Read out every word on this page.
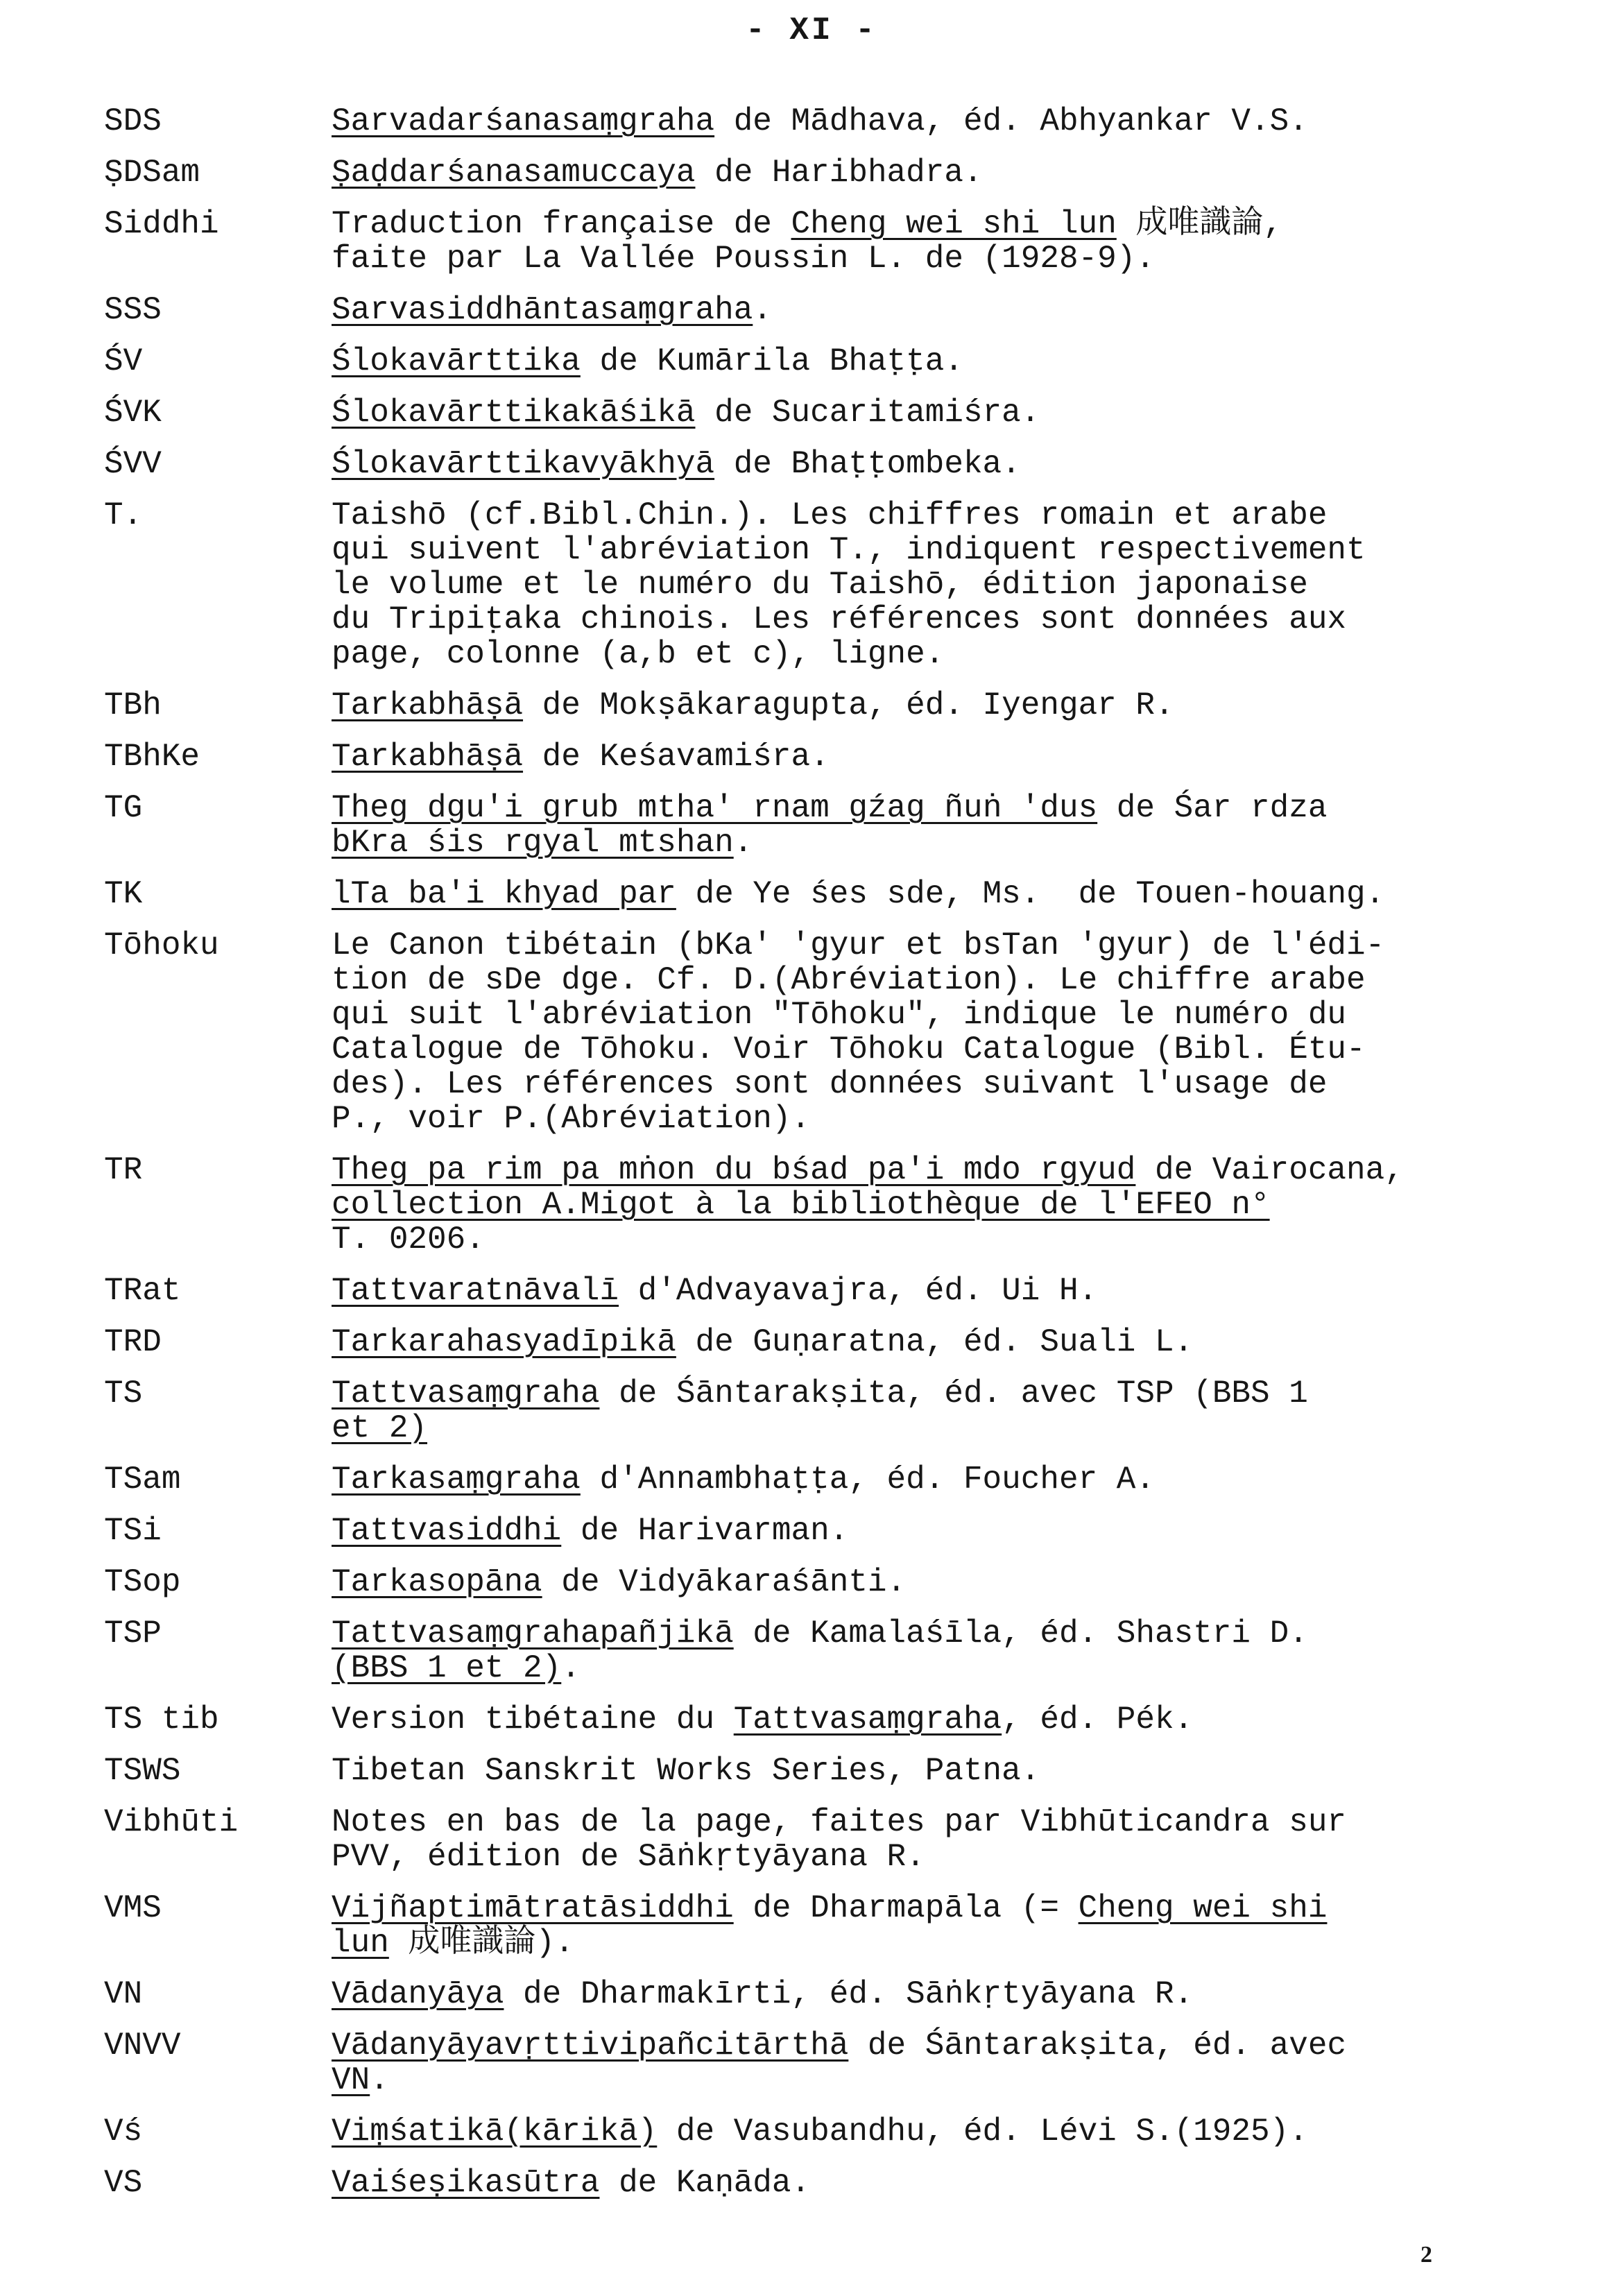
- XI -
SDS	Sarvadarśanasaṃgraha de Mādhava, éd. Abhyankar V.S.
ṢDSam	Ṣaḍdarśanasamuccaya de Haribhadra.
Siddhi	Traduction française de Cheng wei shi lun 成唯識論,
faite par La Vallée Poussin L. de (1928-9).
SSS	Sarvasiddhāntasaṃgraha.
ŚV	Ślokavārttika de Kumārila Bhaṭṭa.
ŚVK	Ślokavārttikakāśikā de Sucaritamiśra.
ŚVV	Ślokavārttikavyākhyā de Bhaṭṭombeka.
T.	Taishō (cf.Bibl.Chin.). Les chiffres romain et arabe
qui suivent l'abréviation T., indiquent respectivement
le volume et le numéro du Taishō, édition japonaise
du Tripiṭaka chinois. Les références sont données aux
page, colonne (a,b et c), ligne.
TBh	Tarkabhāṣā de Mokṣākaragupta, éd. Iyengar R.
TBhKe	Tarkabhāṣā de Keśavamiśra.
TG	Theg dgu'i grub mtha' rnam gźag ñuṅ 'dus de Śar rdza
bKra śis rgyal mtshan.
TK	lTa ba'i khyad par de Ye śes sde, Ms.  de Touen-houang.
Tōhoku	Le Canon tibétain (bKa' 'gyur et bsTan 'gyur) de l'édi-
tion de sDe dge. Cf. D.(Abréviation). Le chiffre arabe
qui suit l'abréviation "Tōhoku", indique le numéro du
Catalogue de Tōhoku. Voir Tōhoku Catalogue (Bibl. Étu-
des). Les références sont données suivant l'usage de
P., voir P.(Abréviation).
TR	Theg pa rim pa mṅon du bśad pa'i mdo rgyud de Vairocana,
collection A.Migot à la bibliothèque de l'EFEO n°
T. 0206.
TRat	Tattvaratnāvalī d'Advayavajra, éd. Ui H.
TRD	Tarkarahasyadīpikā de Guṇaratna, éd. Suali L.
TS	Tattvasaṃgraha de Śāntarakṣita, éd. avec TSP (BBS 1
et 2)
TSam	Tarkasaṃgraha d'Annambhaṭṭa, éd. Foucher A.
TSi	Tattvasiddhi de Harivarman.
TSop	Tarkasopāna de Vidyākaraśānti.
TSP	Tattvasaṃgrahapañjikā de Kamalaśīla, éd. Shastri D.
(BBS 1 et 2).
TS tib	Version tibétaine du Tattvasaṃgraha, éd. Pék.
TSWS	Tibetan Sanskrit Works Series, Patna.
Vibhūti	Notes en bas de la page, faites par Vibhūticandra sur
PVV, édition de Sāṅkṛtyāyana R.
VMS	Vijñaptimātratāsiddhi de Dharmapāla (= Cheng wei shi
lun 成唯識論).
VN	Vādanyāya de Dharmakīrti, éd. Sāṅkṛtyāyana R.
VNVV	Vādanyāyavṛttivipañcitārthā de Śāntarakṣita, éd. avec
VN.
Vś	Viṃśatikā(kārikā) de Vasubandhu, éd. Lévi S.(1925).
VS	Vaiśeṣikasūtra de Kaṇāda.
2
